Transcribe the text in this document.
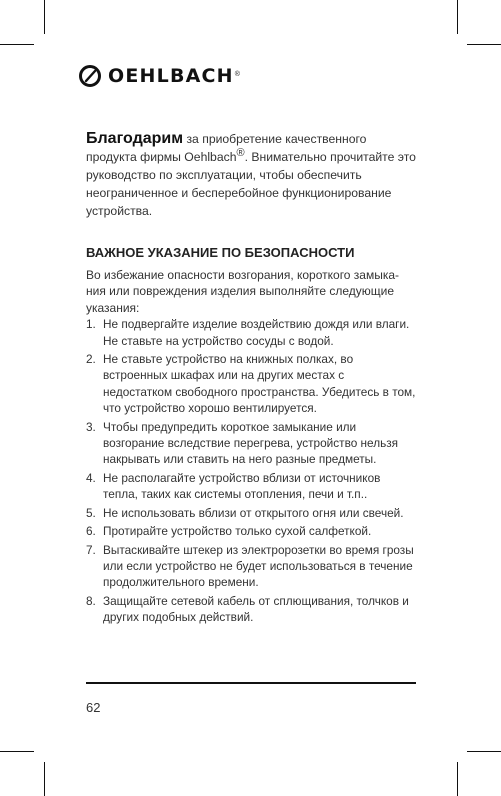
OEHLBACH ®

Благодарим за приобретение качественного продукта фирмы Oehlbach®. Внимательно прочитайте это руководство по эксплуатации, чтобы обеспечить неограниченное и бесперебойное функционирование устройства.

ВАЖНОЕ УКАЗАНИЕ ПО БЕЗОПАСНОСТИ

Во избежание опасности возгорания, короткого замыка-ния или повреждения изделия выполняйте следующие указания:

1. Не подвергайте изделие воздействию дождя или влаги. Не ставьте на устройство сосуды с водой.
2. Не ставьте устройство на книжных полках, во встроенных шкафах или на других местах с недостатком свободного пространства. Убедитесь в том, что устройство хорошо вентилируется.
3. Чтобы предупредить короткое замыкание или возгорание вследствие перегрева, устройство нельзя накрывать или ставить на него разные предметы.
4. Не располагайте устройство вблизи от источников тепла, таких как системы отопления, печи и т.п..
5. Не использовать вблизи от открытого огня или свечей.
6. Протирайте устройство только сухой салфеткой.
7. Вытаскивайте штекер из электророзетки во время грозы или если устройство не будет использоваться в течение продолжительного времени.
8. Защищайте сетевой кабель от сплющивания, толчков и других подобных действий.
62
